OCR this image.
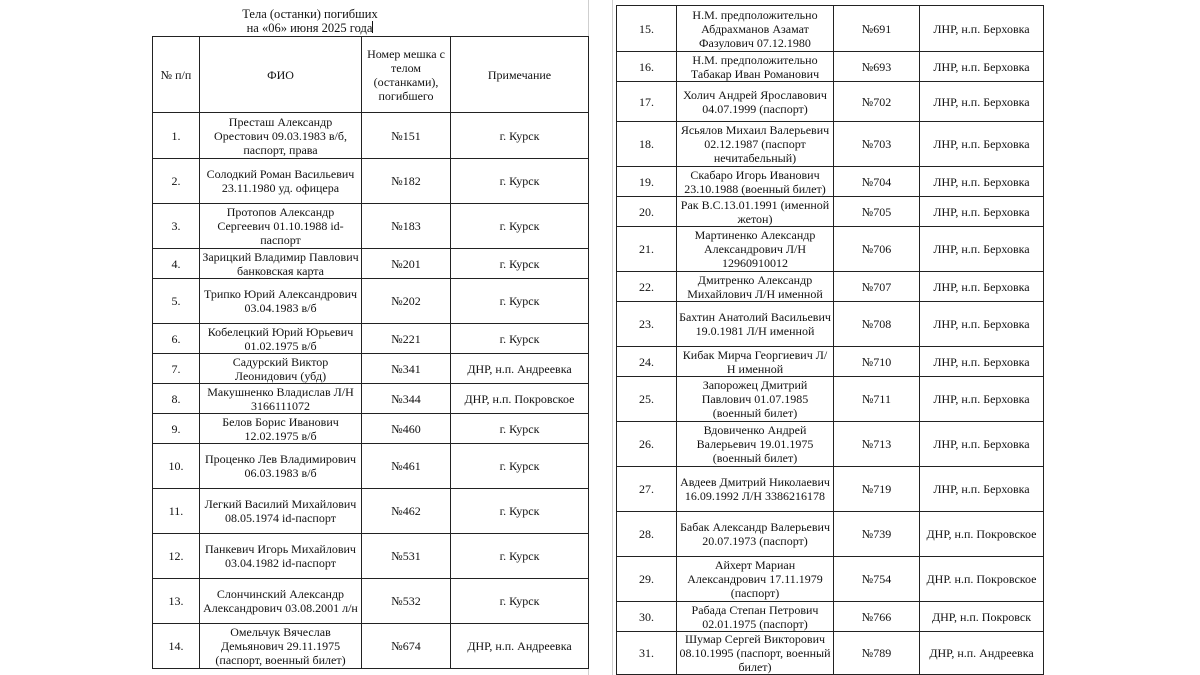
Тела (останки) погибших
на «06» июня 2025 года
№ п/п	ФИО	Номер мешка с телом (останками), погибшего	Примечание
1.	Престаш Александр Орестович 09.03.1983 в/б, паспорт, права	№151	г. Курск
2.	Солодкий Роман Васильевич 23.11.1980 уд. офицера	№182	г. Курск
3.	Протопов Александр Сергеевич 01.10.1988 id-паспорт	№183	г. Курск
4.	Зарицкий Владимир Павлович банковская карта	№201	г. Курск
5.	Трипко Юрий Александрович 03.04.1983 в/б	№202	г. Курск
6.	Кобелецкий Юрий Юрьевич 01.02.1975 в/б	№221	г. Курск
7.	Садурский Виктор Леонидович (убд)	№341	ДНР, н.п. Андреевка
8.	Макушненко Владислав Л/Н 3166111072	№344	ДНР, н.п. Покровское
9.	Белов Борис Иванович 12.02.1975 в/б	№460	г. Курск
10.	Проценко Лев Владимирович 06.03.1983 в/б	№461	г. Курск
11.	Легкий Василий Михайлович 08.05.1974 id-паспорт	№462	г. Курск
12.	Панкевич Игорь Михайлович 03.04.1982 id-паспорт	№531	г. Курск
13.	Слончинский Александр Александрович 03.08.2001 л/н	№532	г. Курск
14.	Омельчук Вячеслав Демьянович 29.11.1975 (паспорт, военный билет)	№674	ДНР, н.п. Андреевка
15.	Н.М. предположительно Абдрахманов Азамат Фазулович 07.12.1980	№691	ЛНР, н.п. Берховка
16.	Н.М. предположительно Табакар Иван Романович	№693	ЛНР, н.п. Берховка
17.	Холич Андрей Ярославович 04.07.1999 (паспорт)	№702	ЛНР, н.п. Берховка
18.	Ясьялов Михаил Валерьевич 02.12.1987 (паспорт нечитабельный)	№703	ЛНР, н.п. Берховка
19.	Скабаро Игорь Иванович 23.10.1988 (военный билет)	№704	ЛНР, н.п. Берховка
20.	Рак В.С.13.01.1991 (именной жетон)	№705	ЛНР, н.п. Берховка
21.	Мартиненко Александр Александрович Л/Н 12960910012	№706	ЛНР, н.п. Берховка
22.	Дмитренко Александр Михайлович Л/Н именной	№707	ЛНР, н.п. Берховка
23.	Бахтин Анатолий Васильевич 19.0.1981 Л/Н именной	№708	ЛНР, н.п. Берховка
24.	Кибак Мирча Георгиевич Л/Н именной	№710	ЛНР, н.п. Берховка
25.	Запорожец Дмитрий Павлович 01.07.1985 (военный билет)	№711	ЛНР, н.п. Берховка
26.	Вдовиченко Андрей Валерьевич 19.01.1975 (военный билет)	№713	ЛНР, н.п. Берховка
27.	Авдеев Дмитрий Николаевич 16.09.1992 Л/Н 3386216178	№719	ЛНР, н.п. Берховка
28.	Бабак Александр Валерьевич 20.07.1973 (паспорт)	№739	ДНР, н.п. Покровское
29.	Айхерт Мариан Александрович 17.11.1979 (паспорт)	№754	ДНР. н.п. Покровское
30.	Рабада Степан Петрович 02.01.1975 (паспорт)	№766	ДНР, н.п. Покровск
31.	Шумар Сергей Викторович 08.10.1995 (паспорт, военный билет)	№789	ДНР, н.п. Андреевка
